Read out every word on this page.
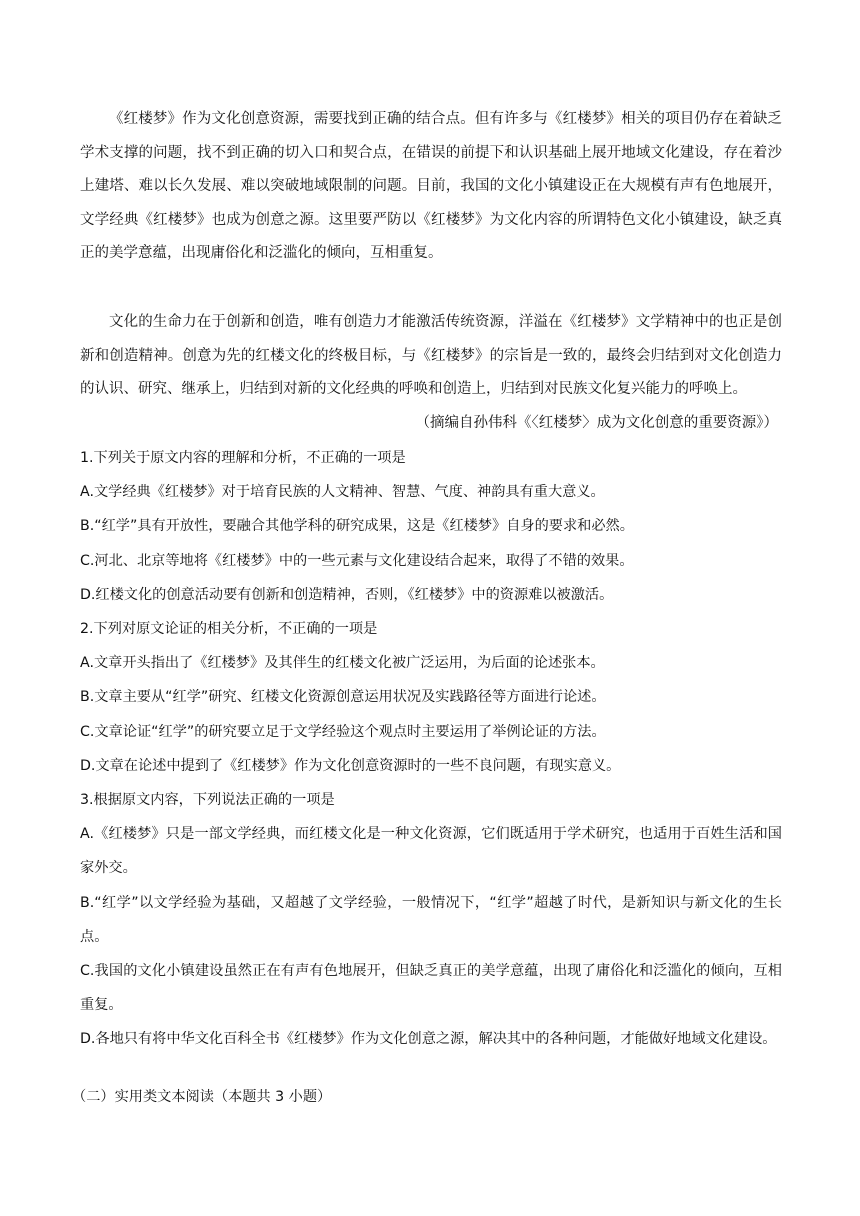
《红楼梦》作为文化创意资源，需要找到正确的结合点。但有许多与《红楼梦》相关的项目仍存在着缺乏学术支撑的问题，找不到正确的切入口和契合点，在错误的前提下和认识基础上展开地域文化建设，存在着沙上建塔、难以长久发展、难以突破地域限制的问题。目前，我国的文化小镇建设正在大规模有声有色地展开，文学经典《红楼梦》也成为创意之源。这里要严防以《红楼梦》为文化内容的所谓特色文化小镇建设，缺乏真正的美学意蕴，出现庸俗化和泛滥化的倾向，互相重复。

文化的生命力在于创新和创造，唯有创造力才能激活传统资源，洋溢在《红楼梦》文学精神中的也正是创新和创造精神。创意为先的红楼文化的终极目标，与《红楼梦》的宗旨是一致的，最终会归结到对文化创造力的认识、研究、继承上，归结到对新的文化经典的呼唤和创造上，归结到对民族文化复兴能力的呼唤上。

（摘编自孙伟科《〈红楼梦〉成为文化创意的重要资源》）

1.下列关于原文内容的理解和分析，不正确的一项是

A.文学经典《红楼梦》对于培育民族的人文精神、智慧、气度、神韵具有重大意义。

B.“红学”具有开放性，要融合其他学科的研究成果，这是《红楼梦》自身的要求和必然。

C.河北、北京等地将《红楼梦》中的一些元素与文化建设结合起来，取得了不错的效果。

D.红楼文化的创意活动要有创新和创造精神，否则，《红楼梦》中的资源难以被激活。

2.下列对原文论证的相关分析，不正确的一项是

A.文章开头指出了《红楼梦》及其伴生的红楼文化被广泛运用，为后面的论述张本。

B.文章主要从“红学”研究、红楼文化资源创意运用状况及实践路径等方面进行论述。

C.文章论证“红学”的研究要立足于文学经验这个观点时主要运用了举例论证的方法。

D.文章在论述中提到了《红楼梦》作为文化创意资源时的一些不良问题，有现实意义。

3.根据原文内容，下列说法正确的一项是

A.《红楼梦》只是一部文学经典，而红楼文化是一种文化资源，它们既适用于学术研究，也适用于百姓生活和国家外交。

B.“红学”以文学经验为基础，又超越了文学经验，一般情况下，“红学”超越了时代，是新知识与新文化的生长点。

C.我国的文化小镇建设虽然正在有声有色地展开，但缺乏真正的美学意蕴，出现了庸俗化和泛滥化的倾向，互相重复。

D.各地只有将中华文化百科全书《红楼梦》作为文化创意之源，解决其中的各种问题，才能做好地域文化建设。

（二）实用类文本阅读（本题共 3 小题）
